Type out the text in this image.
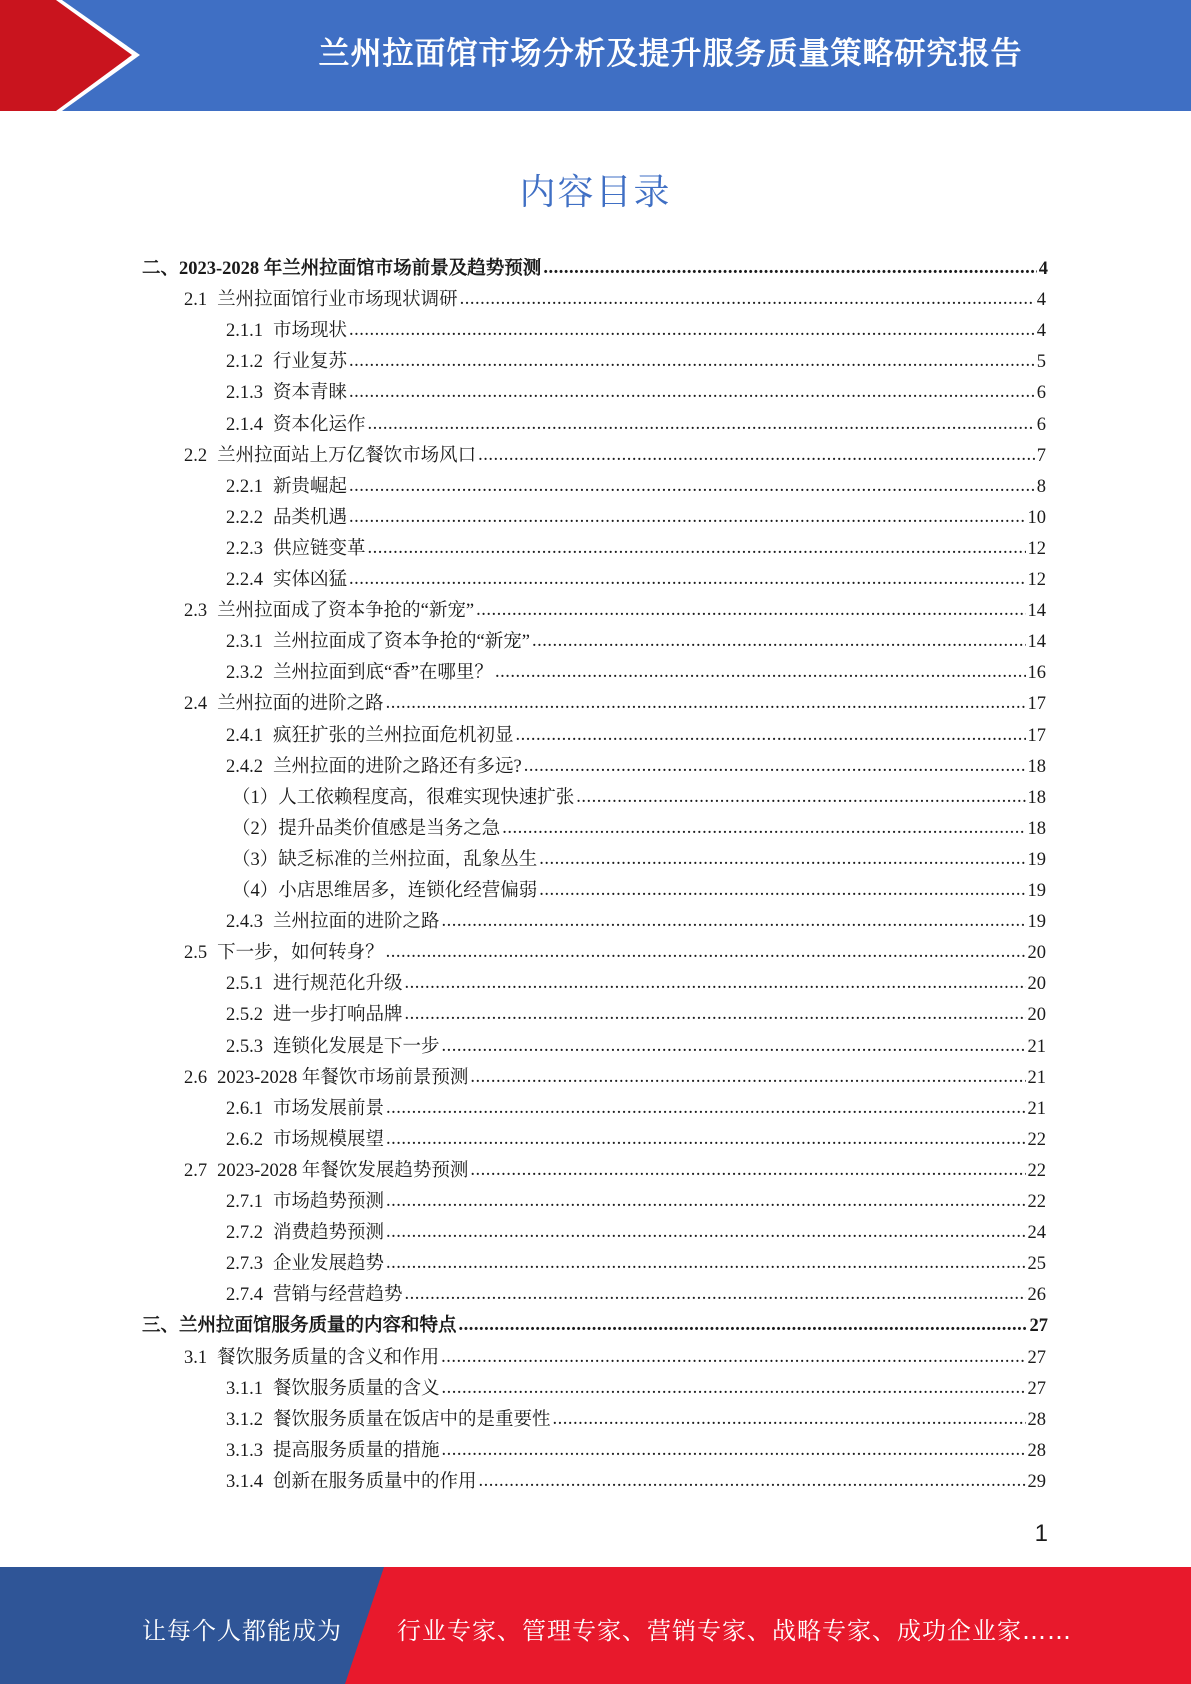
兰州拉面馆市场分析及提升服务质量策略研究报告
内容目录
二、2023-2028 年兰州拉面馆市场前景及趋势预测 .....	4
2.1 兰州拉面馆行业市场现状调研 .....	4
2.1.1 市场现状 .....	4
2.1.2 行业复苏 .....	5
2.1.3 资本青睐 .....	6
2.1.4 资本化运作 .....	6
2.2 兰州拉面站上万亿餐饮市场风口 .....	7
2.2.1 新贵崛起 .....	8
2.2.2 品类机遇 .....	10
2.2.3 供应链变革 .....	12
2.2.4 实体凶猛 .....	12
2.3 兰州拉面成了资本争抢的“新宠” .....	14
2.3.1 兰州拉面成了资本争抢的“新宠” .....	14
2.3.2 兰州拉面到底“香”在哪里？ .....	16
2.4 兰州拉面的进阶之路 .....	17
2.4.1 疯狂扩张的兰州拉面危机初显 .....	17
2.4.2 兰州拉面的进阶之路还有多远? .....	18
（1）人工依赖程度高，很难实现快速扩张 .....	18
（2）提升品类价值感是当务之急 .....	18
（3）缺乏标准的兰州拉面，乱象丛生 .....	19
（4）小店思维居多，连锁化经营偏弱 .....	19
2.4.3 兰州拉面的进阶之路 .....	19
2.5 下一步，如何转身？ .....	20
2.5.1 进行规范化升级 .....	20
2.5.2 进一步打响品牌 .....	20
2.5.3 连锁化发展是下一步 .....	21
2.6 2023-2028 年餐饮市场前景预测 .....	21
2.6.1 市场发展前景 .....	21
2.6.2 市场规模展望 .....	22
2.7 2023-2028 年餐饮发展趋势预测 .....	22
2.7.1 市场趋势预测 .....	22
2.7.2 消费趋势预测 .....	24
2.7.3 企业发展趋势 .....	25
2.7.4 营销与经营趋势 .....	26
三、兰州拉面馆服务质量的内容和特点 .....	27
3.1 餐饮服务质量的含义和作用 .....	27
3.1.1 餐饮服务质量的含义 .....	27
3.1.2 餐饮服务质量在饭店中的是重要性 .....	28
3.1.3 提高服务质量的措施 .....	28
3.1.4 创新在服务质量中的作用 .....	29
1
让每个人都能成为 行业专家、管理专家、营销专家、战略专家、成功企业家……
